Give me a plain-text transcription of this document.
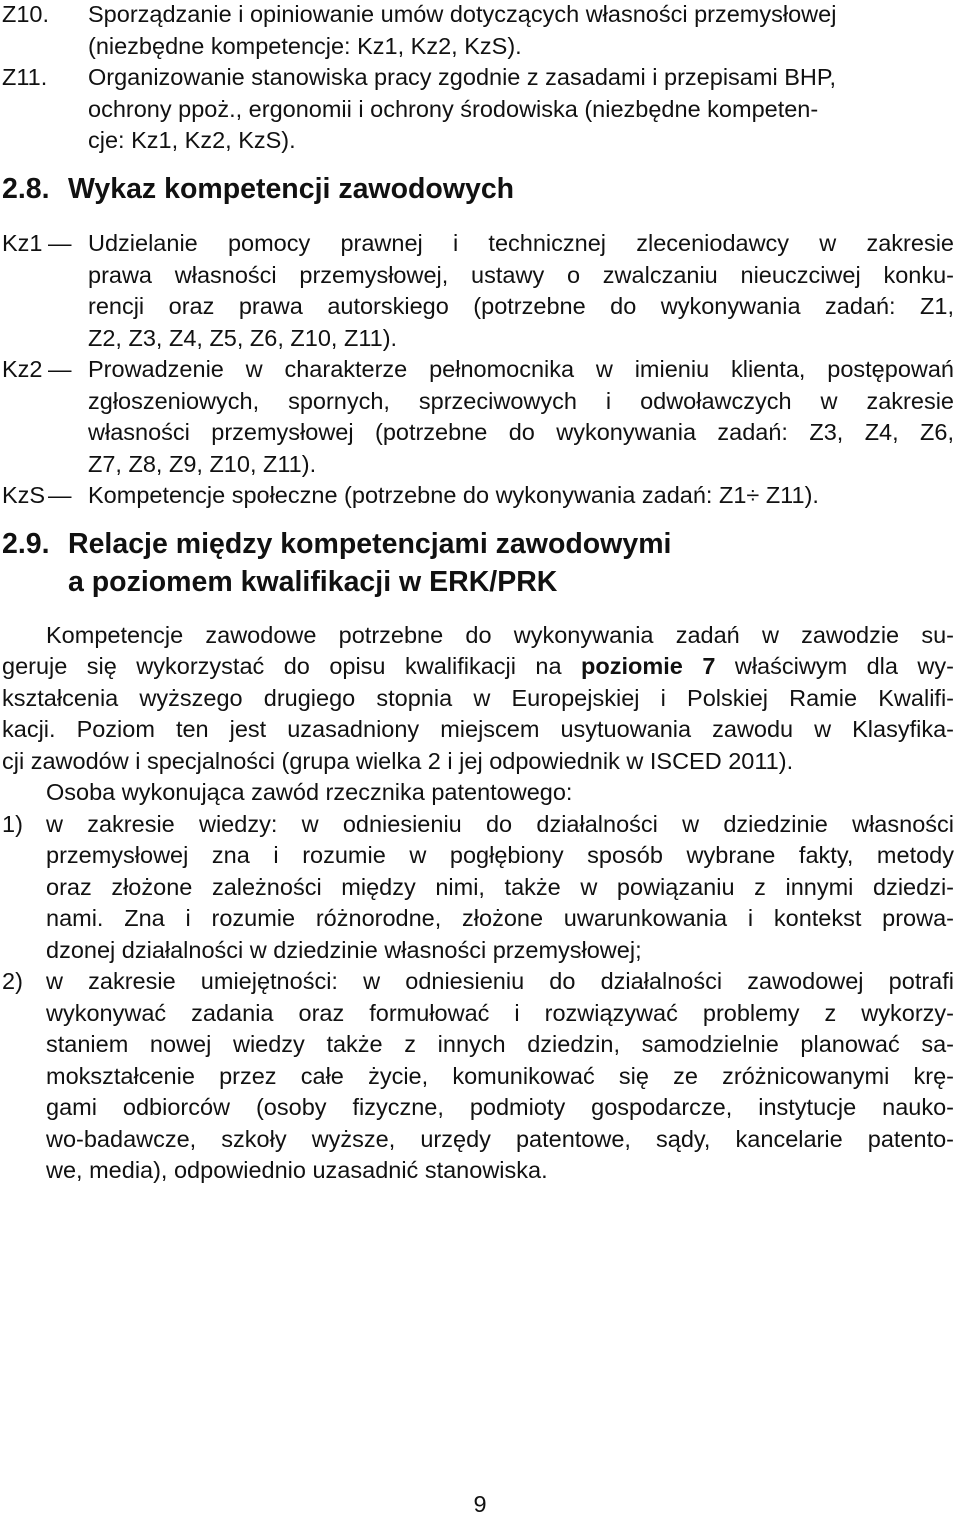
Z10. Sporządzanie i opiniowanie umów dotyczących własności przemysłowej
(niezbędne kompetencje: Kz1, Kz2, KzS).
Z11. Organizowanie stanowiska pracy zgodnie z zasadami i przepisami BHP,
ochrony ppoż., ergonomii i ochrony środowiska (niezbędne kompeten-
cje: Kz1, Kz2, KzS).
2.8. Wykaz kompetencji zawodowych
Kz1 — Udzielanie pomocy prawnej i technicznej zleceniodawcy w zakresie
prawa własności przemysłowej, ustawy o zwalczaniu nieuczciwej konku-
rencji oraz prawa autorskiego (potrzebne do wykonywania zadań: Z1,
Z2, Z3, Z4, Z5, Z6, Z10, Z11).
Kz2 — Prowadzenie w charakterze pełnomocnika w imieniu klienta, postępowań
zgłoszeniowych, spornych, sprzeciwowych i odwoławczych w zakresie
własności przemysłowej (potrzebne do wykonywania zadań: Z3, Z4, Z6,
Z7, Z8, Z9, Z10, Z11).
KzS — Kompetencje społeczne (potrzebne do wykonywania zadań: Z1÷ Z11).
2.9. Relacje między kompetencjami zawodowymi
a poziomem kwalifikacji w ERK/PRK
Kompetencje zawodowe potrzebne do wykonywania zadań w zawodzie su-
geruje się wykorzystać do opisu kwalifikacji na poziomie 7 właściwym dla wy-
kształcenia wyższego drugiego stopnia w Europejskiej i Polskiej Ramie Kwalifi-
kacji. Poziom ten jest uzasadniony miejscem usytuowania zawodu w Klasyfika-
cji zawodów i specjalności (grupa wielka 2 i jej odpowiednik w ISCED 2011).
Osoba wykonująca zawód rzecznika patentowego:
1) w zakresie wiedzy: w odniesieniu do działalności w dziedzinie własności
przemysłowej zna i rozumie w pogłębiony sposób wybrane fakty, metody
oraz złożone zależności między nimi, także w powiązaniu z innymi dziedzi-
nami. Zna i rozumie różnorodne, złożone uwarunkowania i kontekst prowa-
dzonej działalności w dziedzinie własności przemysłowej;
2) w zakresie umiejętności: w odniesieniu do działalności zawodowej potrafi
wykonywać zadania oraz formułować i rozwiązywać problemy z wykorzy-
staniem nowej wiedzy także z innych dziedzin, samodzielnie planować sa-
mokształcenie przez całe życie, komunikować się ze zróżnicowanymi krę-
gami odbiorców (osoby fizyczne, podmioty gospodarcze, instytucje nauko-
wo-badawcze, szkoły wyższe, urzędy patentowe, sądy, kancelarie patento-
we, media), odpowiednio uzasadnić stanowiska.
9
